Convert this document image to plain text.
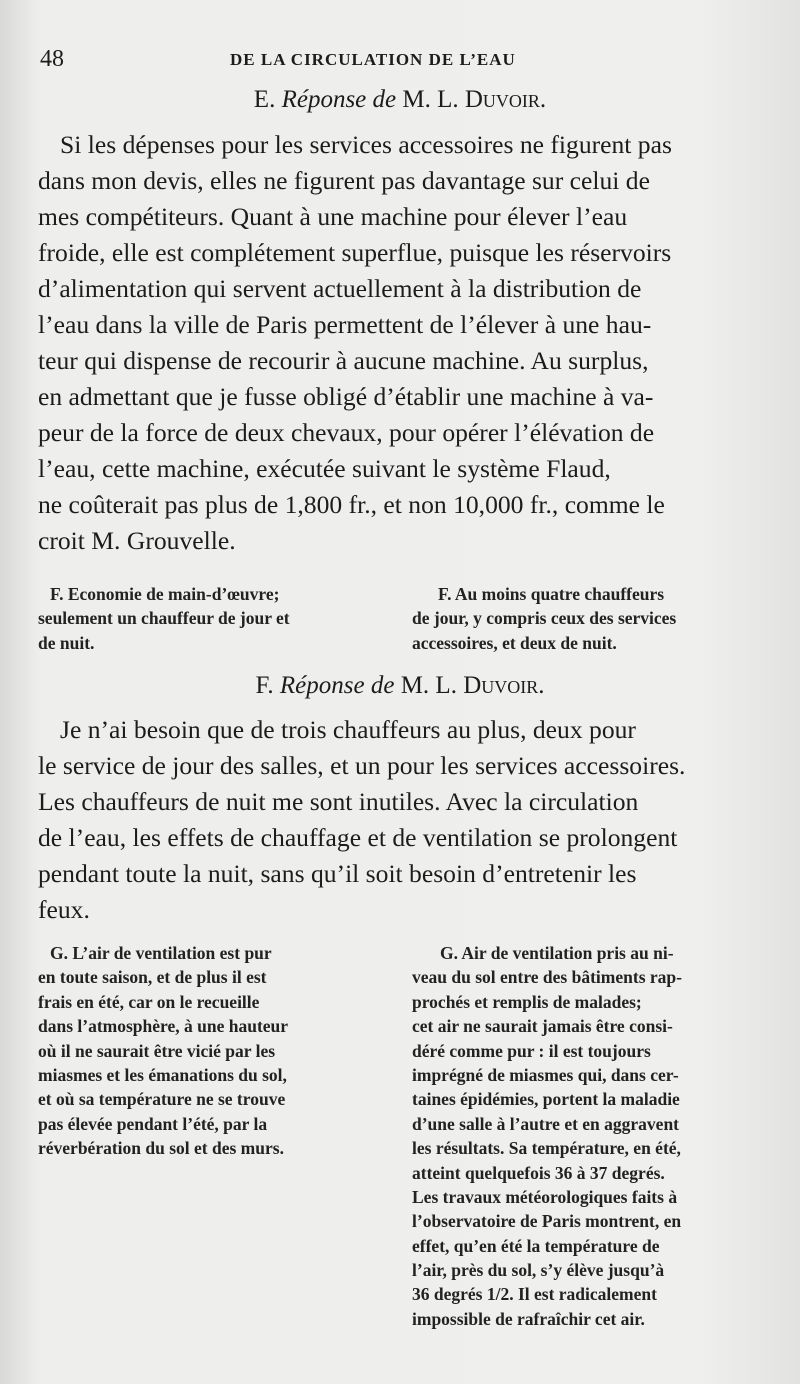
48	DE LA CIRCULATION DE L’EAU
E. Réponse de M. L. Duvoir.
Si les dépenses pour les services accessoires ne figurent pas
dans mon devis, elles ne figurent pas davantage sur celui de
mes compétiteurs. Quant à une machine pour élever l’eau
froide, elle est complétement superflue, puisque les réservoirs
d’alimentation qui servent actuellement à la distribution de
l’eau dans la ville de Paris permettent de l’élever à une hau-
teur qui dispense de recourir à aucune machine. Au surplus,
en admettant que je fusse obligé d’établir une machine à va-
peur de la force de deux chevaux, pour opérer l’élévation de
l’eau, cette machine, exécutée suivant le système Flaud,
ne coûterait pas plus de 1,800 fr., et non 10,000 fr., comme le
croit M. Grouvelle.
F. Economie de main-d’œuvre;
seulement un chauffeur de jour et
de nuit.
F. Au moins quatre chauffeurs
de jour, y compris ceux des services
accessoires, et deux de nuit.
F. Réponse de M. L. Duvoir.
Je n’ai besoin que de trois chauffeurs au plus, deux pour
le service de jour des salles, et un pour les services accessoires.
Les chauffeurs de nuit me sont inutiles. Avec la circulation
de l’eau, les effets de chauffage et de ventilation se prolongent
pendant toute la nuit, sans qu’il soit besoin d’entretenir les
feux.
G. L’air de ventilation est pur
en toute saison, et de plus il est
frais en été, car on le recueille
dans l’atmosphère, à une hauteur
où il ne saurait être vicié par les
miasmes et les émanations du sol,
et où sa température ne se trouve
pas élevée pendant l’été, par la
réverbération du sol et des murs.
G. Air de ventilation pris au ni-
veau du sol entre des bâtiments rap-
prochés et remplis de malades;
cet air ne saurait jamais être consi-
déré comme pur : il est toujours
imprégné de miasmes qui, dans cer-
taines épidémies, portent la maladie
d’une salle à l’autre et en aggravent
les résultats. Sa température, en été,
atteint quelquefois 36 à 37 degrés.
Les travaux météorologiques faits à
l’observatoire de Paris montrent, en
effet, qu’en été la température de
l’air, près du sol, s’y élève jusqu’à
36 degrés 1/2. Il est radicalement
impossible de rafraîchir cet air.
